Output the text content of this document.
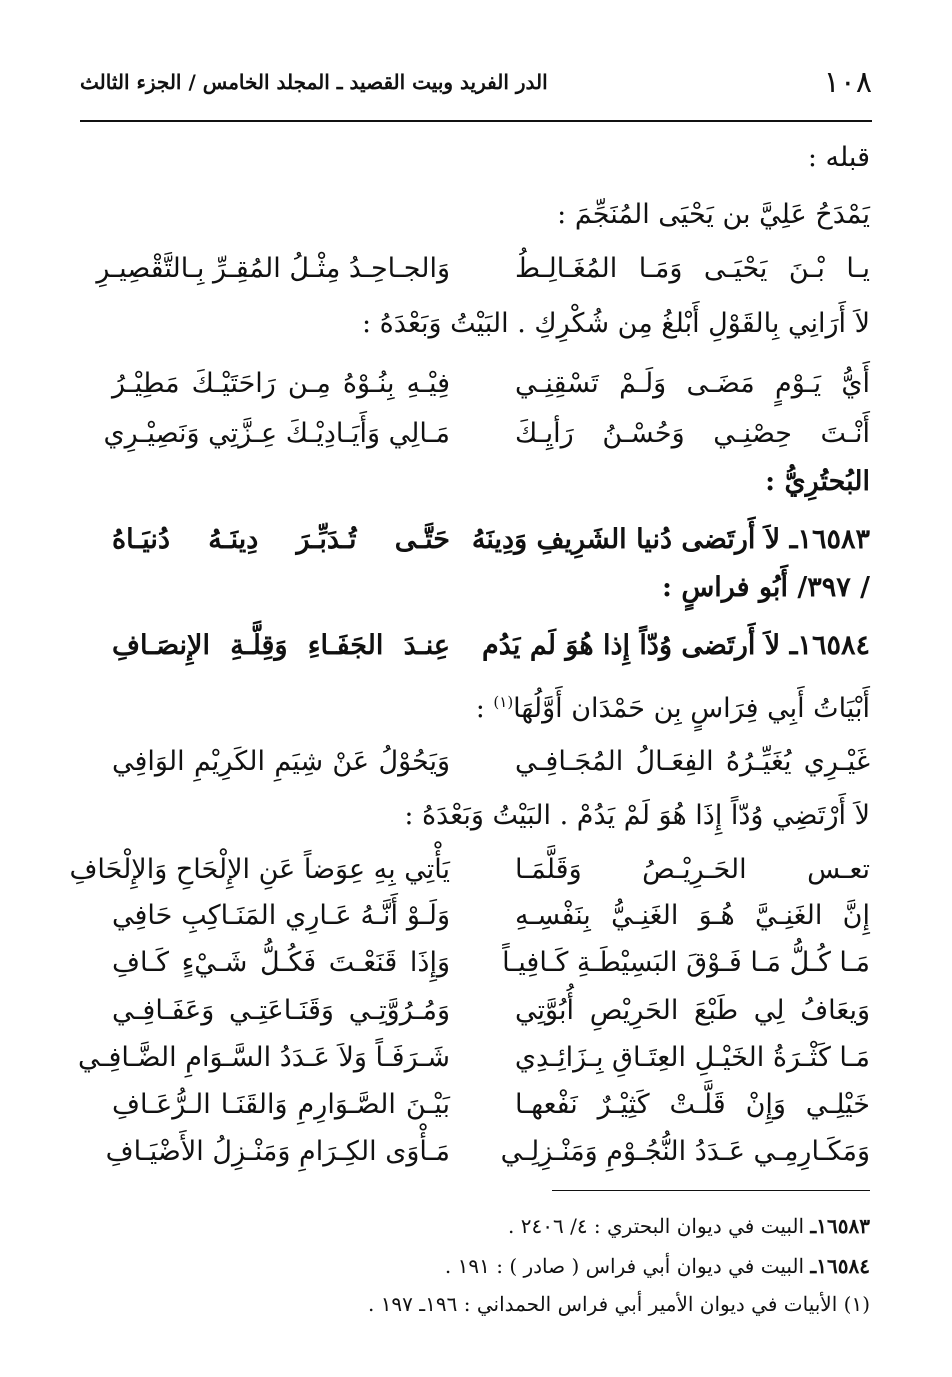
١٠٨
الدر الفريد وبيت القصيد ـ المجلد الخامس / الجزء الثالث
قبله :
يَمْدَحُ عَلِيَّ بن يَحْيَى المُنَجِّمَ :
يـا بْـنَ يَحْيَـى وَمَـا المُغَـالِـطُ
وَالجـاحِـدُ مِثْـلُ المُقِـرِّ بِـالتَّقْصِيـرِ
لاَ أَرَانِي بِالقَوْلِ أَبْلغُ مِن شُكْرِكِ . البَيْتُ وَبَعْدَهُ :
أَيُّ يَـوْمٍ مَضَـى وَلَـمْ تَسْقِنِـي
فِيْـهِ بِنُـوْهُ مِـن رَاحَتَيْـكَ مَطِيْـرُ
أَنْـتَ حِصْنِـي وَحُسْـنُ رَأيِـكَ
مَـالِي وَأَيَـادِيْـكَ عِـزَّتِي وَنَصِيْـرِي
البُحتُرِيُّ :
١٦٥٨٣ـ لاَ أَرتَضى دُنيا الشَرِيفِ وَدِينَهُ
حَتَّـى تُـدَبِّـرَ دِينَـهُ دُنيَـاهُ
/ ٣٩٧/ أَبُو فراسٍ :
١٦٥٨٤ـ لاَ أَرتَضى وُدّاً إِذا هُوَ لَم يَدُم
عِنـدَ الجَفَـاءِ وَقِلَّـةِ الإِنصَـافِ
أَبْيَاتُ أَبِي فِرَاسٍ بِن حَمْدَان أَوَّلُهَا$^{(١)}$ :
غَيْـرِي يُغَيِّـرُهُ الفِعَـالُ المُجَـافِـي
وَيَحُوْلُ عَنْ شِيَمِ الكَرِيْمِ الوَافِي
لاَ أَرْتَضِي وُدّاً إِذَا هُوَ لَمْ يَدُمْ . البَيْتُ وَبَعْدَهُ :
تعـس الحَـرِيْـصُ وَقَلَّمَـا
يَأْتِي بِهِ عِوَضاً عَنِ الإِلْحَاحِ وَالإِلْحَافِ
إِنَّ الغَنِـيَّ هُـوَ الغَنِـيُّ بِنَفْسِـهِ
وَلَـوْ أَنَّـهُ عَـارِي المَنَـاكِبِ حَافِي
مَـا كُـلُّ مَـا فَـوْقَ البَسِيْطَـةِ كَـافِيـاً
وَإِذَا قَنَعْـتَ فَكُـلُّ شَـيْءٍ كَـافِ
وَيعَافُ لِي طَبْعَ الحَرِيْصِ أُبُوَّتِي
وَمُـرُوَّتِـي وَقَنَـاعَتِـي وَعَفَـافِـي
مَـا كَثْـرَةُ الخَيْـلِ العِتَـاقِ بِـزَائِـدِي
شَـرَفَـاً وَلاَ عَـدَدُ السَّـوَامِ الضَّـافِـي
خَيْلِـي وَإِنْ قَلَّـتْ كَثِيْـرٌ نَفْعهـا
بَيْـنَ الصَّـوَارِمِ وَالقَنَـا الـرُّعَـافِ
وَمَكَـارِمِـي عَـدَدُ النُّجُـوْمِ وَمَنْـزِلِـي
مَـأْوَى الكِـرَامِ وَمَنْـزِلُ الأَضْيَـافِ
١٦٥٨٣ـ البيت في ديوان البحتري : ٤/ ٢٤٠٦ .
١٦٥٨٤ـ البيت في ديوان أبي فراس ( صادر ) : ١٩١ .
(١) الأبيات في ديوان الأمير أبي فراس الحمداني : ١٩٦ـ ١٩٧ .
